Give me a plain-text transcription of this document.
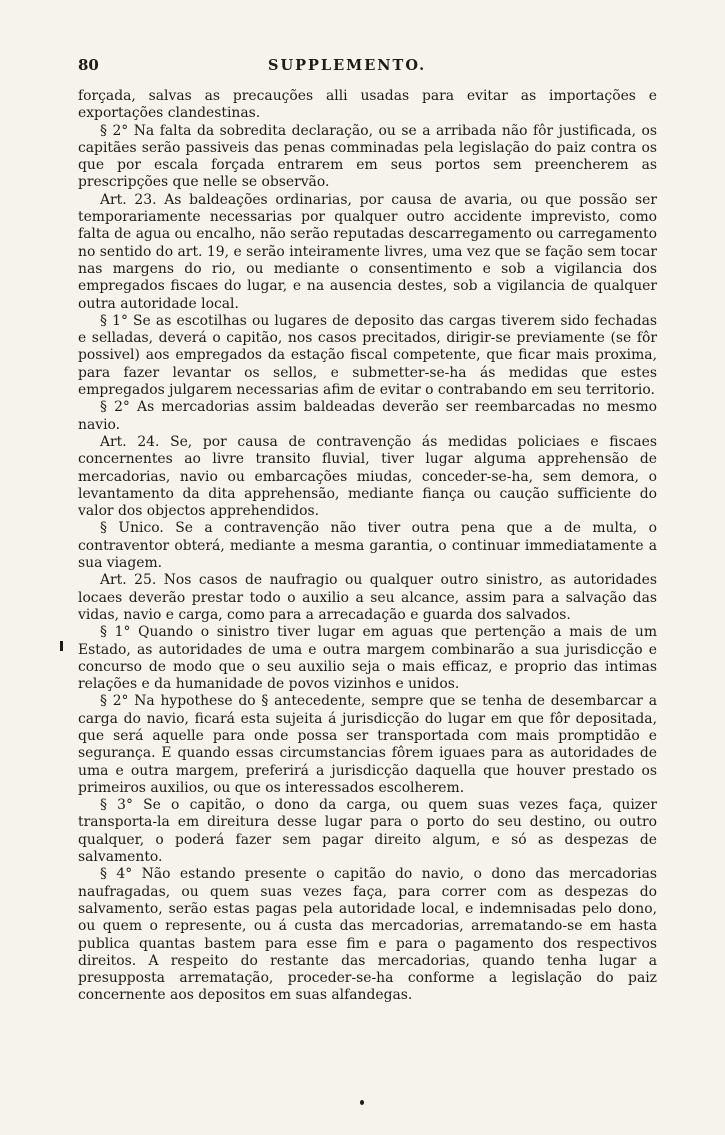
80	SUPPLEMENTO.

forçada, salvas as precauções alli usadas para evitar as importações e exportações clandestinas.

§ 2° Na falta da sobredita declaração, ou se a arribada não fôr justificada, os capitães serão passiveis das penas comminadas pela legislação do paiz contra os que por escala forçada entrarem em seus portos sem preencherem as prescripções que nelle se observão.

Art. 23. As baldeações ordinarias, por causa de avaria, ou que possão ser temporariamente necessarias por qualquer outro accidente imprevisto, como falta de agua ou encalho, não serão reputadas descarregamento ou carregamento no sentido do art. 19, e serão inteiramente livres, uma vez que se fação sem tocar nas margens do rio, ou mediante o consentimento e sob a vigilancia dos empregados fiscaes do lugar, e na ausencia destes, sob a vigilancia de qualquer outra autoridade local.

§ 1° Se as escotilhas ou lugares de deposito das cargas tiverem sido fechadas e selladas, deverá o capitão, nos casos precitados, dirigir-se previamente (se fôr possivel) aos empregados da estação fiscal competente, que ficar mais proxima, para fazer levantar os sellos, e submetter-se-ha ás medidas que estes empregados julgarem necessarias afim de evitar o contrabando em seu territorio.

§ 2° As mercadorias assim baldeadas deverão ser reembarcadas no mesmo navio.

Art. 24. Se, por causa de contravenção ás medidas policiaes e fiscaes concernentes ao livre transito fluvial, tiver lugar alguma apprehensão de mercadorias, navio ou embarcações miudas, conceder-se-ha, sem demora, o levantamento da dita apprehensão, mediante fiança ou caução sufficiente do valor dos objectos apprehendidos.

§ Unico. Se a contravenção não tiver outra pena que a de multa, o contraventor obterá, mediante a mesma garantia, o continuar immediatamente a sua viagem.

Art. 25. Nos casos de naufragio ou qualquer outro sinistro, as autoridades locaes deverão prestar todo o auxilio a seu alcance, assim para a salvação das vidas, navio e carga, como para a arrecadação e guarda dos salvados.

§ 1° Quando o sinistro tiver lugar em aguas que pertenção a mais de um Estado, as autoridades de uma e outra margem combinarão a sua jurisdicção e concurso de modo que o seu auxilio seja o mais efficaz, e proprio das intimas relações e da humanidade de povos vizinhos e unidos.

§ 2° Na hypothese do § antecedente, sempre que se tenha de desembarcar a carga do navio, ficará esta sujeita á jurisdicção do lugar em que fôr depositada, que será aquelle para onde possa ser transportada com mais promptidão e segurança. E quando essas circumstancias fôrem iguaes para as autoridades de uma e outra margem, preferirá a jurisdicção daquella que houver prestado os primeiros auxilios, ou que os interessados escolherem.

§ 3° Se o capitão, o dono da carga, ou quem suas vezes faça, quizer transporta-la em direitura desse lugar para o porto do seu destino, ou outro qualquer, o poderá fazer sem pagar direito algum, e só as despezas de salvamento.

§ 4° Não estando presente o capitão do navio, o dono das mercadorias naufragadas, ou quem suas vezes faça, para correr com as despezas do salvamento, serão estas pagas pela autoridade local, e indemnisadas pelo dono, ou quem o represente, ou á custa das mercadorias, arrematando-se em hasta publica quantas bastem para esse fim e para o pagamento dos respectivos direitos. A respeito do restante das mercadorias, quando tenha lugar a presupposta arrematação, proceder-se-ha conforme a legislação do paiz concernente aos depositos em suas alfandegas.
